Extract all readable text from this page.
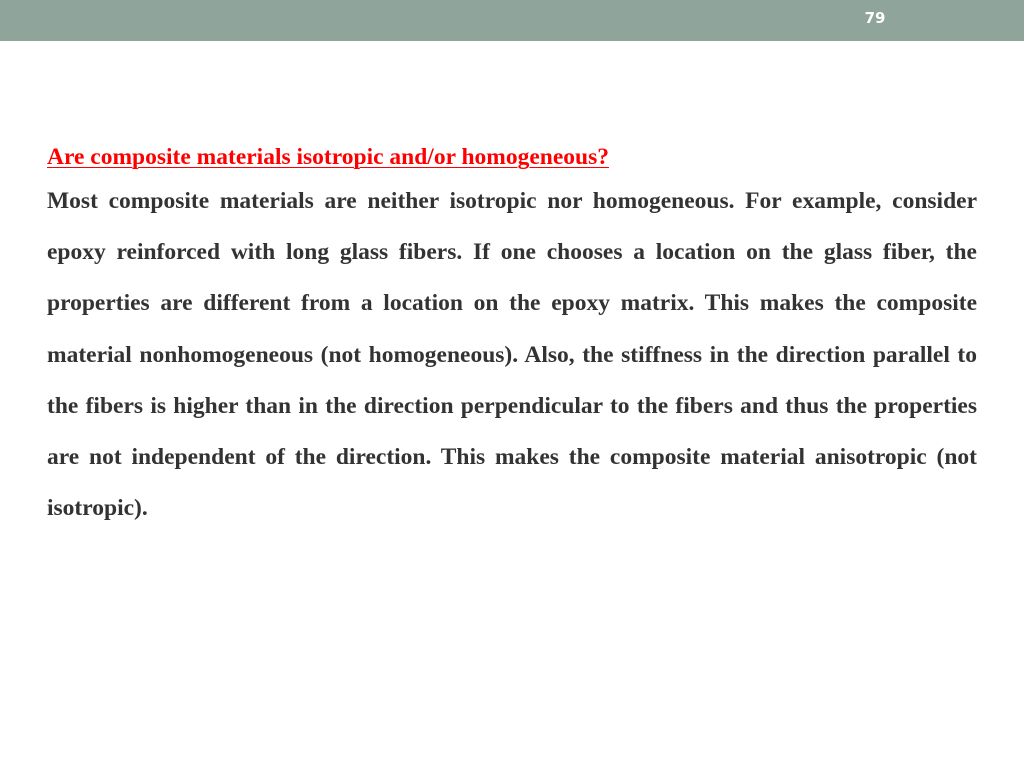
79

Are composite materials isotropic and/or homogeneous?

Most composite materials are neither isotropic nor homogeneous. For example, consider epoxy reinforced with long glass fibers. If one chooses a location on the glass fiber, the properties are different from a location on the epoxy matrix. This makes the composite material nonhomogeneous (not homogeneous). Also, the stiffness in the direction parallel to the fibers is higher than in the direction perpendicular to the fibers and thus the properties are not independent of the direction. This makes the composite material anisotropic (not isotropic).
